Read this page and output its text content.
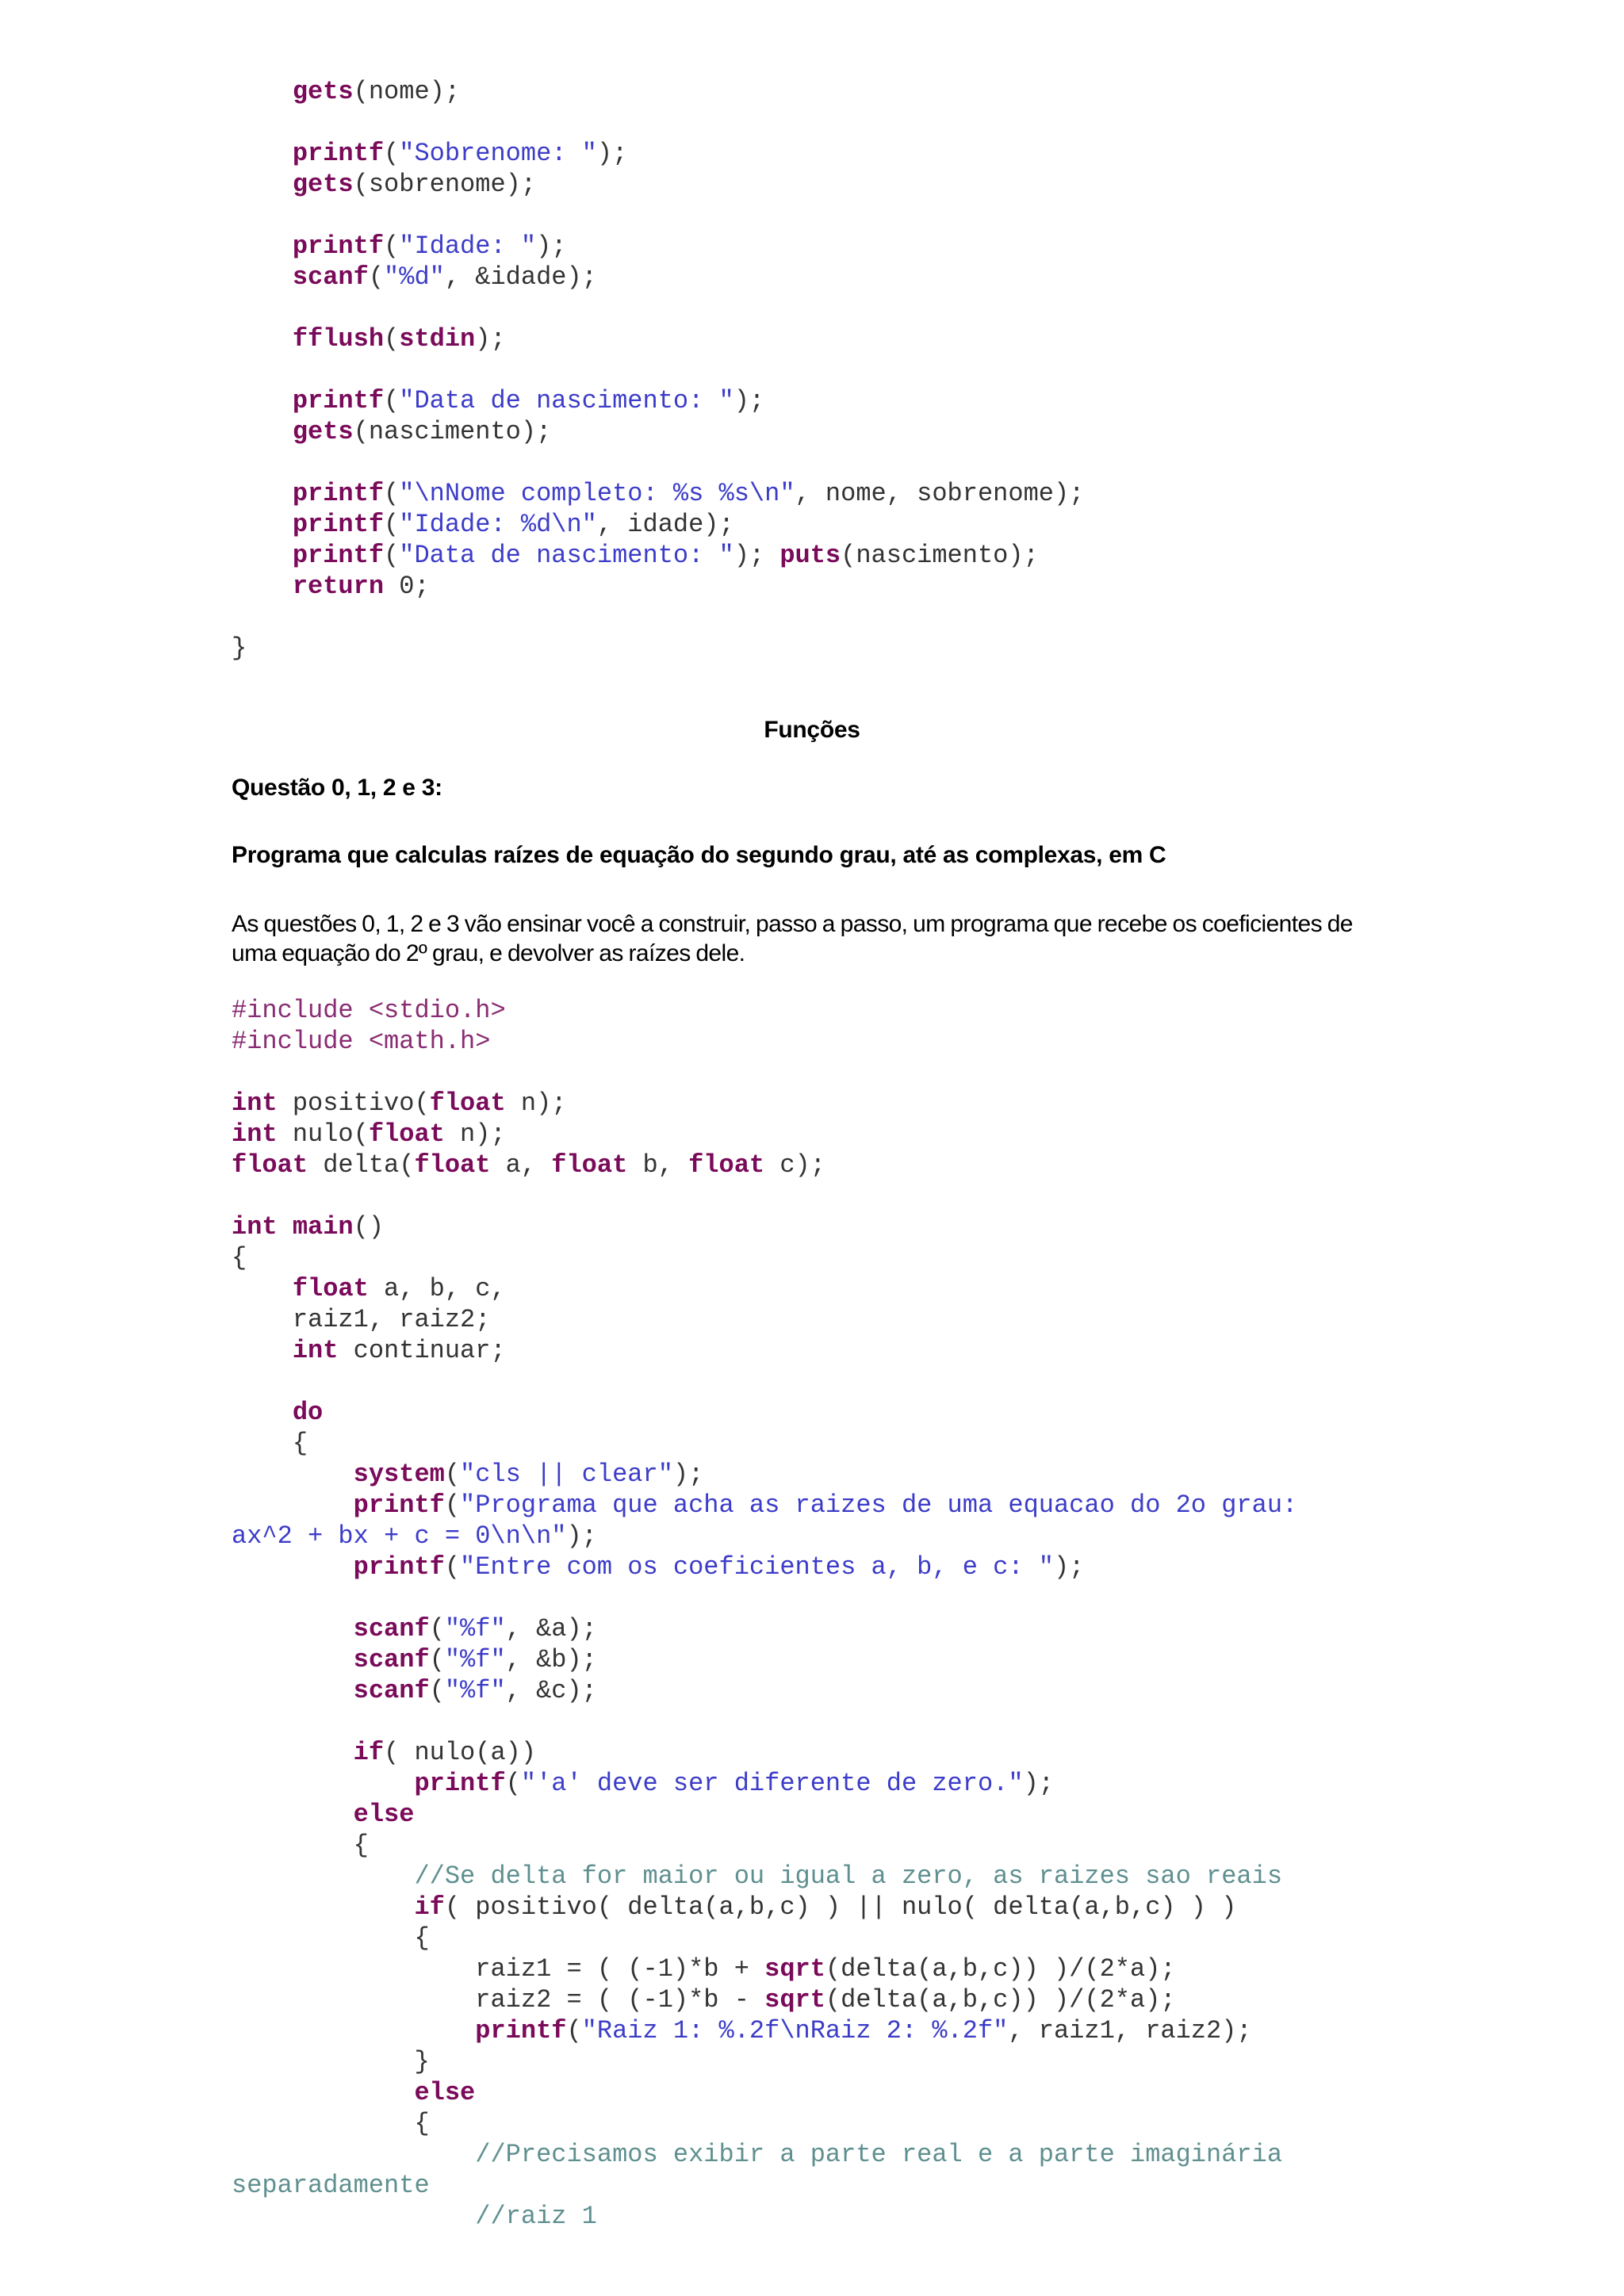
gets(nome);
printf("Sobrenome: ");
gets(sobrenome);
printf("Idade: ");
scanf("%d", &idade);
fflush(stdin);
printf("Data de nascimento: ");
gets(nascimento);
printf("\nNome completo: %s %s\n", nome, sobrenome);
printf("Idade: %d\n", idade);
printf("Data de nascimento: "); puts(nascimento);
return 0;
}
Funções
Questão 0, 1, 2 e 3:
Programa que calculas raízes de equação do segundo grau, até as complexas, em C

As questões 0, 1, 2 e 3 vão ensinar você a construir, passo a passo, um programa que recebe os coeficientes de uma equação do 2º grau, e devolver as raízes dele.

#include <stdio.h>
#include <math.h>
int positivo(float n);
int nulo(float n);
float delta(float a, float b, float c);
int main()
{
float a, b, c,
raiz1, raiz2;
int continuar;
do
{
system("cls || clear");
printf("Programa que acha as raizes de uma equacao do 2o grau:
ax^2 + bx + c = 0\n\n");
printf("Entre com os coeficientes a, b, e c: ");
scanf("%f", &a);
scanf("%f", &b);
scanf("%f", &c);
if( nulo(a))
printf("'a' deve ser diferente de zero.");
else
{
//Se delta for maior ou igual a zero, as raizes sao reais
if( positivo( delta(a,b,c) ) || nulo( delta(a,b,c) ) )
{
raiz1 = ( (-1)*b + sqrt(delta(a,b,c)) )/(2*a);
raiz2 = ( (-1)*b - sqrt(delta(a,b,c)) )/(2*a);
printf("Raiz 1: %.2f\nRaiz 2: %.2f", raiz1, raiz2);
}
else
{
//Precisamos exibir a parte real e a parte imaginária
separadamente
//raiz 1
